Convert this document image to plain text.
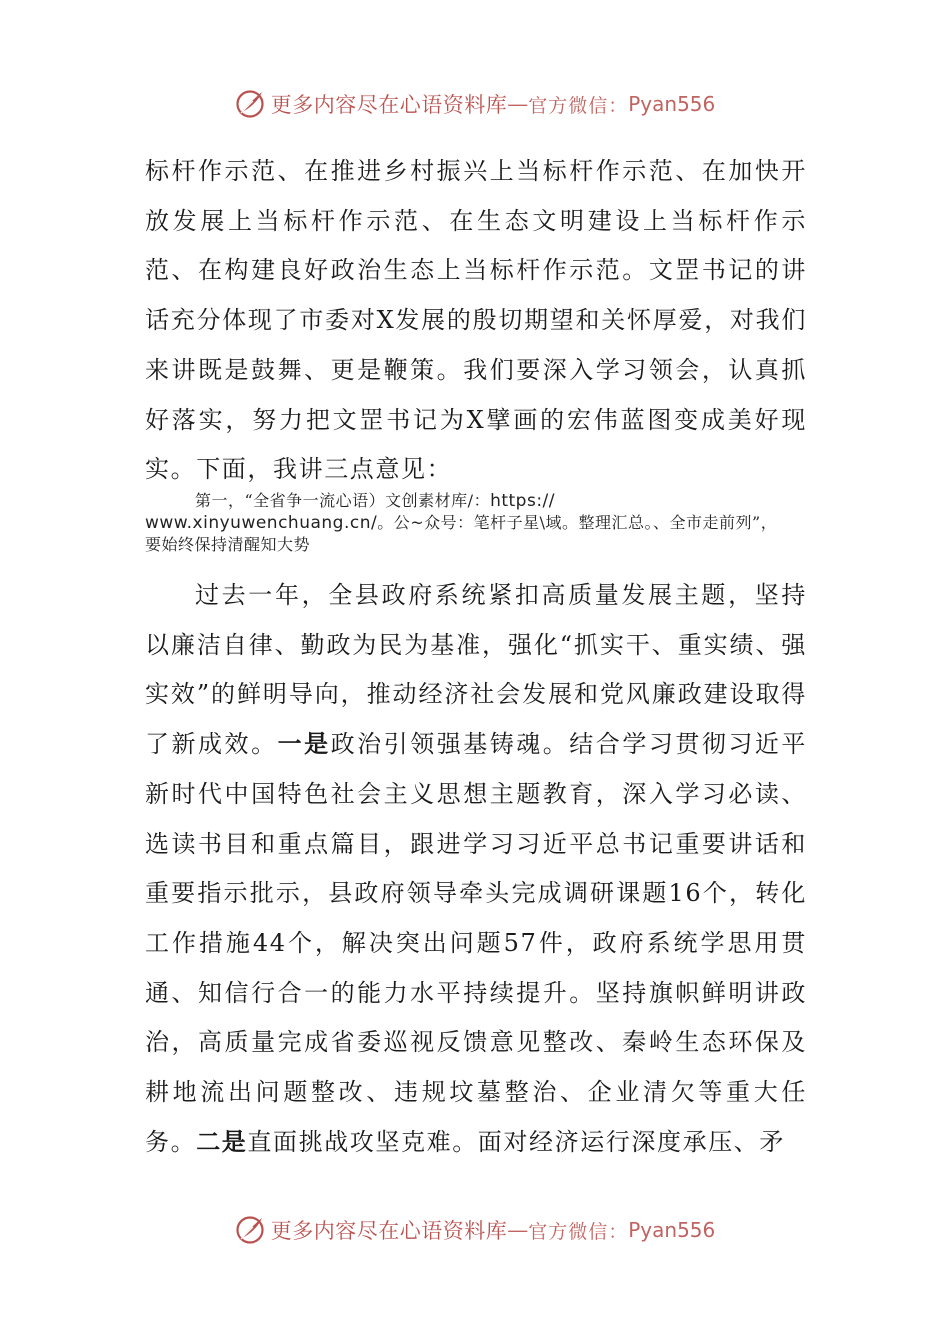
更多内容尽在心语资料库 — 官方微信： Pyan556
标杆作示范、在推进乡村振兴上当标杆作示范、在加快开放发展上当标杆作示范、在生态文明建设上当标杆作示范、在构建良好政治生态上当标杆作示范。文罡书记的讲话充分体现了市委对X发展的殷切期望和关怀厚爱，对我们来讲既是鼓舞、更是鞭策。我们要深入学习领会，认真抓好落实，努力把文罡书记为X擘画的宏伟蓝图变成美好现实。下面，我讲三点意见：
第一，“全省争一流心语）文创素材库/：https://
www.xinyuwenchuang.cn/。公~众号：笔杆子星\域。整理汇总。、全市走前列”，要始终保持清醒知大势
过去一年，全县政府系统紧扣高质量发展主题，坚持以廉洁自律、勤政为民为基准，强化“抓实干、重实绩、强实效”的鲜明导向，推动经济社会发展和党风廉政建设取得了新成效。一是政治引领强基铸魂。结合学习贯彻习近平新时代中国特色社会主义思想主题教育，深入学习必读、选读书目和重点篇目，跟进学习习近平总书记重要讲话和重要指示批示，县政府领导牵头完成调研课题16个，转化工作措施44个，解决突出问题57件，政府系统学思用贯通、知信行合一的能力水平持续提升。坚持旗帜鲜明讲政治，高质量完成省委巡视反馈意见整改、秦岭生态环保及耕地流出问题整改、违规坟墓整治、企业清欠等重大任务。二是直面挑战攻坚克难。面对经济运行深度承压、矛
更多内容尽在心语资料库 — 官方微信： Pyan556
